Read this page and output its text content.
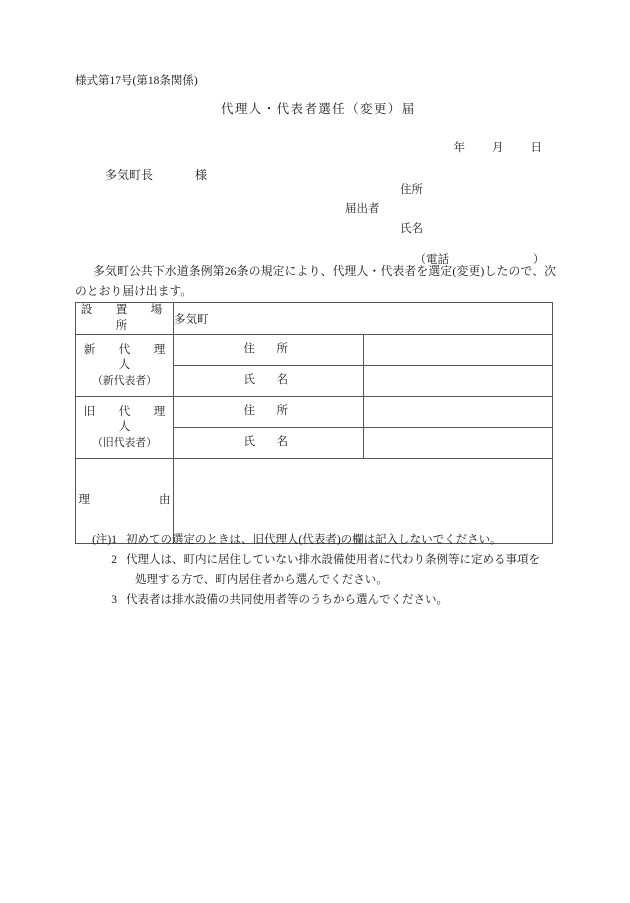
様式第17号(第18条関係)
代理人・代表者選任（変更）届

年 月 日

多気町長	様

住所
届出者
氏名

（電話	）

多気町公共下水道条例第26条の規定により、代理人・代表者を選定(変更)したので、次のとおり届け出ます。
設　置　場　所	多気町	

新　代　理　人
（新代表者）	住　所	
	氏　名	

旧　代　理　人
（旧代表者）	住　所	
	氏　名	
理　　　　　　由		
(注)1 初めての選定のときは、旧代理人(代表者)の欄は記入しないでください。
2 代理人は、町内に居住していない排水設備使用者に代わり条例等に定める事項を
処理する方で、町内居住者から選んでください。
3 代表者は排水設備の共同使用者等のうちから選んでください。
